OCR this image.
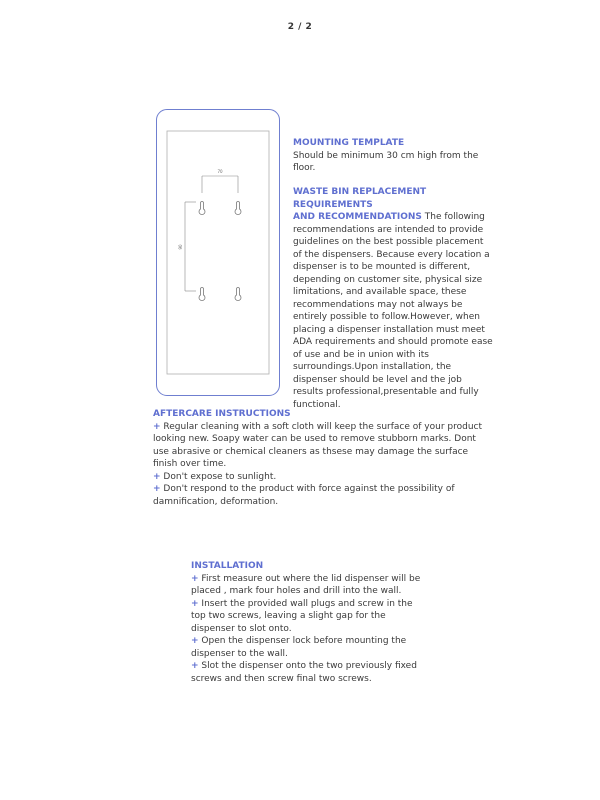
2 / 2
70
90

MOUNTING TEMPLATE

Should be minimum 30 cm high from the floor.

WASTE BIN REPLACEMENT

REQUIREMENTS

AND RECOMMENDATIONS The following recommendations are intended to provide guidelines on the best possible placement of the dispensers. Because every location a dispenser is to be mounted is different, depending on customer site, physical size limitations, and available space, these recommendations may not always be entirely possible to follow.However, when placing a dispenser installation must meet ADA requirements and should promote ease of use and be in union with its surroundings.Upon installation, the dispenser should be level and the job results professional,presentable and fully functional.

AFTERCARE INSTRUCTIONS

+ Regular cleaning with a soft cloth will keep the surface of your product looking new. Soapy water can be used to remove stubborn marks. Dont use abrasive or chemical cleaners as thsese may damage the surface finish over time.

+ Don't expose to sunlight.

+ Don't respond to the product with force against the possibility of damnification, deformation.

INSTALLATION

+ First measure out where the lid dispenser will be placed , mark four holes and drill into the wall.

+ Insert the provided wall plugs and screw in the top two screws, leaving a slight gap for the dispenser to slot onto.

+ Open the dispenser lock before mounting the dispenser to the wall.

+ Slot the dispenser onto the two previously fixed screws and then screw final two screws.
